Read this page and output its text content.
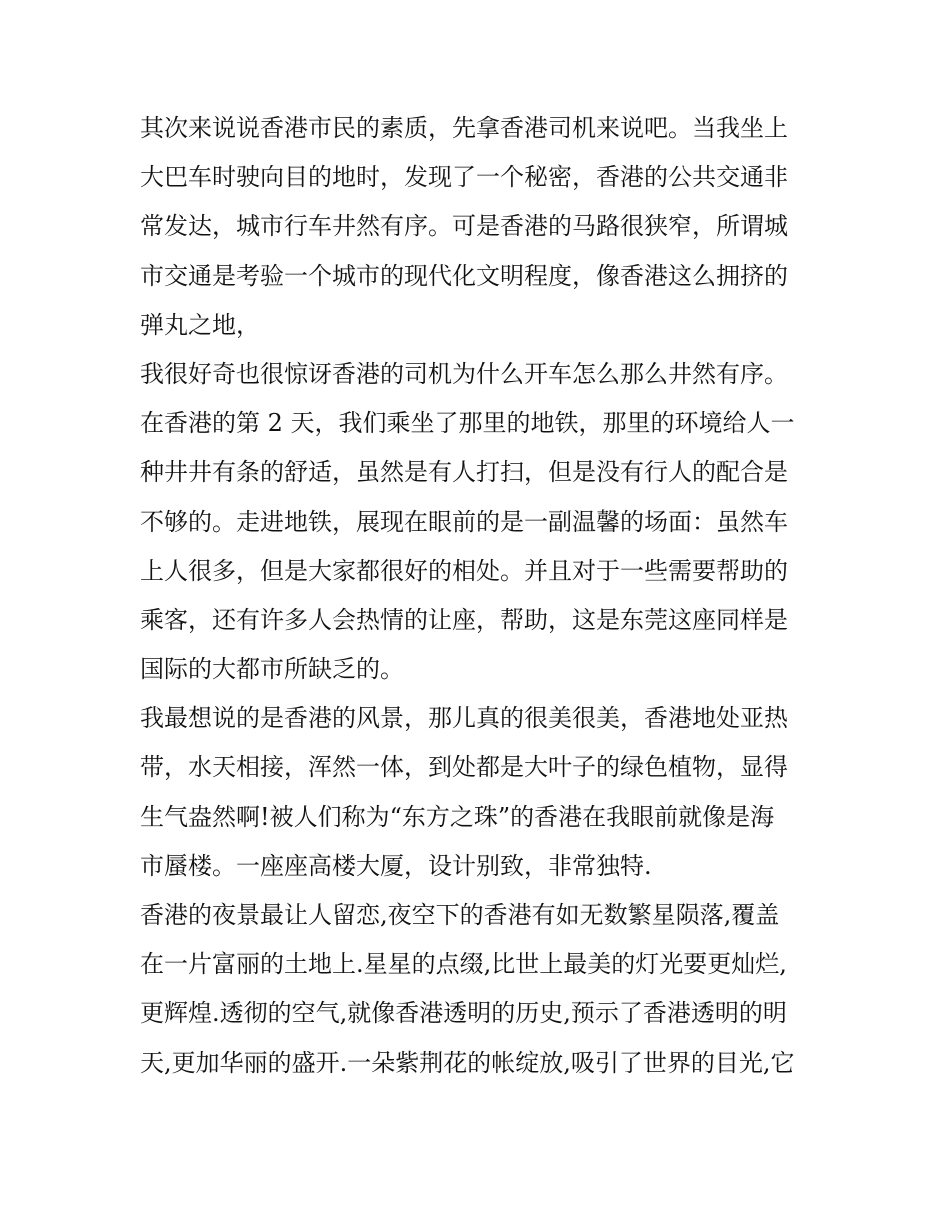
其次来说说香港市民的素质，先拿香港司机来说吧。当我坐上
大巴车时驶向目的地时，发现了一个秘密，香港的公共交通非
常发达，城市行车井然有序。可是香港的马路很狭窄，所谓城
市交通是考验一个城市的现代化文明程度，像香港这么拥挤的
弹丸之地，
我很好奇也很惊讶香港的司机为什么开车怎么那么井然有序。
在香港的第 2 天，我们乘坐了那里的地铁，那里的环境给人一
种井井有条的舒适，虽然是有人打扫，但是没有行人的配合是
不够的。走进地铁，展现在眼前的是一副温馨的场面：虽然车
上人很多，但是大家都很好的相处。并且对于一些需要帮助的
乘客，还有许多人会热情的让座，帮助，这是东莞这座同样是
国际的大都市所缺乏的。
我最想说的是香港的风景，那儿真的很美很美，香港地处亚热
带，水天相接，浑然一体，到处都是大叶子的绿色植物，显得
生气盎然啊!被人们称为“东方之珠”的香港在我眼前就像是海
市蜃楼。一座座高楼大厦，设计别致，非常独特.
香港的夜景最让人留恋,夜空下的香港有如无数繁星陨落,覆盖
在一片富丽的土地上.星星的点缀,比世上最美的灯光要更灿烂,
更辉煌.透彻的空气,就像香港透明的历史,预示了香港透明的明
天,更加华丽的盛开.一朵紫荆花的帐绽放,吸引了世界的目光,它
